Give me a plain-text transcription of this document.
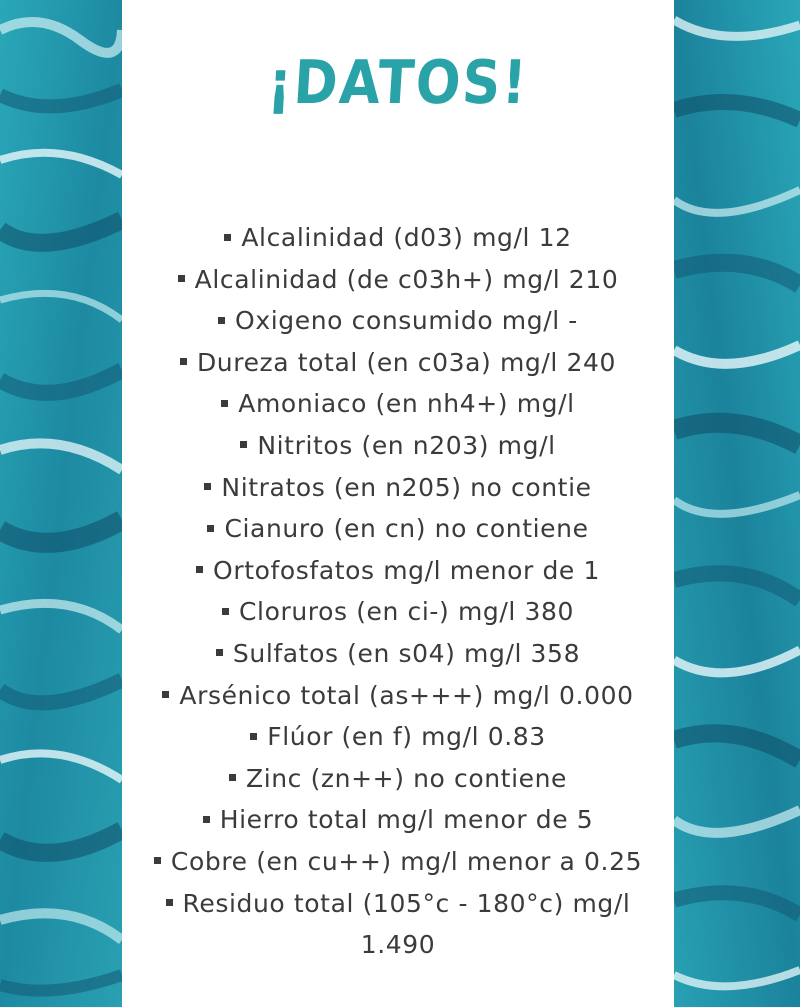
¡DATOS!
Alcalinidad (d03) mg/l 12
Alcalinidad (de c03h+) mg/l 210
Oxigeno consumido mg/l -
Dureza total (en c03a) mg/l 240
Amoniaco (en nh4+) mg/l
Nitritos (en n203) mg/l
Nitratos (en n205) no contie
Cianuro (en cn) no contiene
Ortofosfatos mg/l menor de 1
Cloruros (en ci-) mg/l 380
Sulfatos (en s04) mg/l 358
Arsénico total (as+++) mg/l 0.000
Flúor (en f) mg/l 0.83
Zinc (zn++) no contiene
Hierro total mg/l menor de 5
Cobre (en cu++) mg/l menor a 0.25
Residuo total (105°c - 180°c) mg/l 1.490
